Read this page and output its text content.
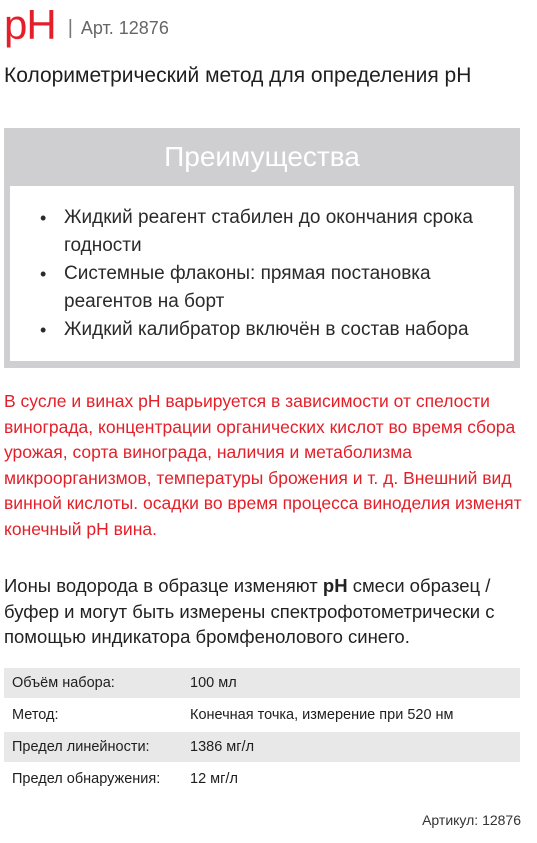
pH | Арт. 12876
Колориметрический метод для определения pH
Преимущества
• Жидкий реагент стабилен до окончания срока годности
• Системные флаконы: прямая постановка реагентов на борт
• Жидкий калибратор включён в состав набора
В сусле и винах pH варьируется в зависимости от спелости винограда, концентрации органических кислот во время сбора урожая, сорта винограда, наличия и метаболизма микроорганизмов, температуры брожения и т. д. Внешний вид винной кислоты. осадки во время процесса виноделия изменят конечный pH вина.
Ионы водорода в образце изменяют pH смеси образец / буфер и могут быть измерены спектрофотометрически с помощью индикатора бромфенолового синего.
Объём набора:	100 мл
Метод:	Конечная точка, измерение при 520 нм
Предел линейности:	1386 мг/л
Предел обнаружения:	12 мг/л
Артикул: 12876
